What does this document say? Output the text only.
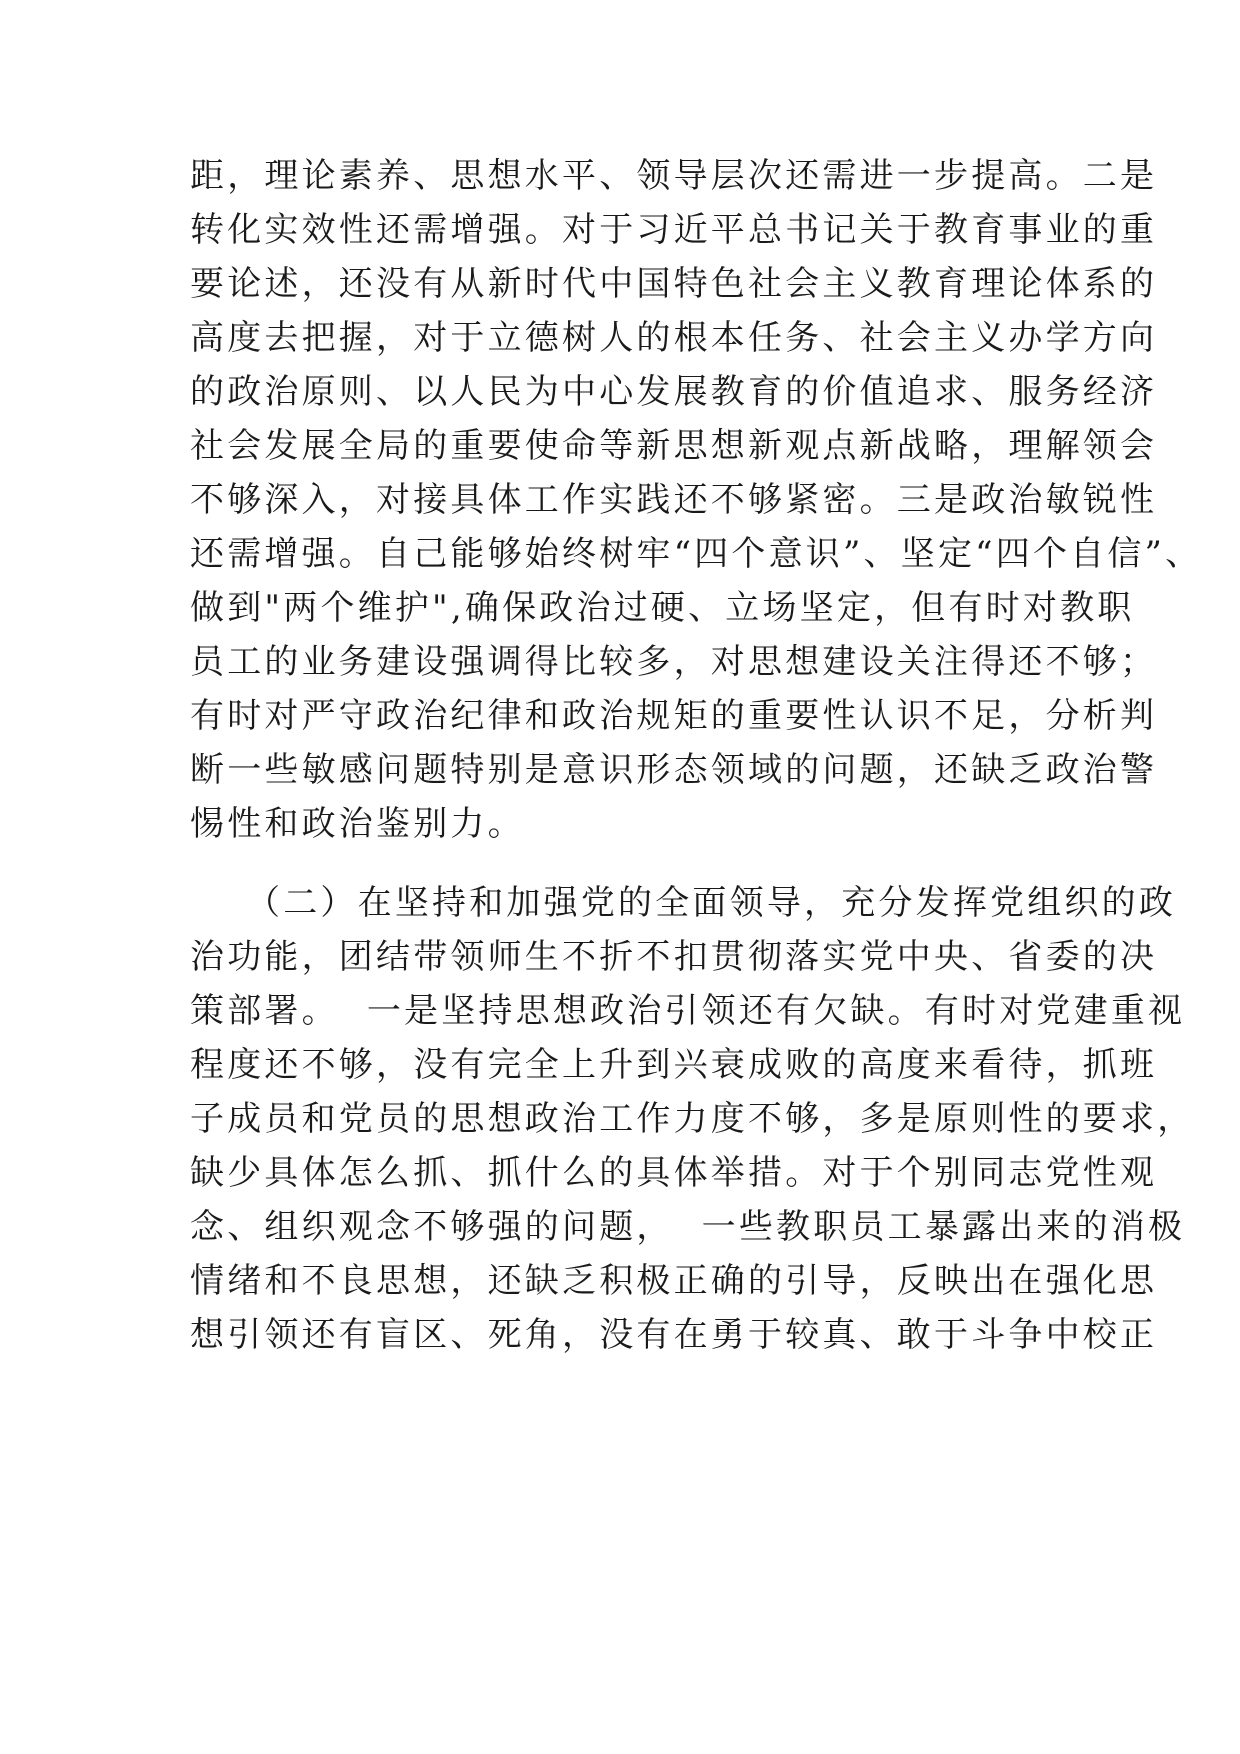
距，理论素养、思想水平、领导层次还需进一步提高。二是
转化实效性还需增强。对于习近平总书记关于教育事业的重
要论述，还没有从新时代中国特色社会主义教育理论体系的
高度去把握，对于立德树人的根本任务、社会主义办学方向
的政治原则、以人民为中心发展教育的价值追求、服务经济
社会发展全局的重要使命等新思想新观点新战略，理解领会
不够深入，对接具体工作实践还不够紧密。三是政治敏锐性
还需增强。自己能够始终树牢“四个意识”、坚定“四个自信”、
做到"两个维护",确保政治过硬、立场坚定，但有时对教职
员工的业务建设强调得比较多，对思想建设关注得还不够；
有时对严守政治纪律和政治规矩的重要性认识不足，分析判
断一些敏感问题特别是意识形态领域的问题，还缺乏政治警
惕性和政治鉴别力。
（二）在坚持和加强党的全面领导，充分发挥党组织的政
治功能，团结带领师生不折不扣贯彻落实党中央、省委的决
策部署。  一是坚持思想政治引领还有欠缺。有时对党建重视
程度还不够，没有完全上升到兴衰成败的高度来看待，抓班
子成员和党员的思想政治工作力度不够，多是原则性的要求，
缺少具体怎么抓、抓什么的具体举措。对于个别同志党性观
念、组织观念不够强的问题，  一些教职员工暴露出来的消极
情绪和不良思想，还缺乏积极正确的引导，反映出在强化思
想引领还有盲区、死角，没有在勇于较真、敢于斗争中校正
